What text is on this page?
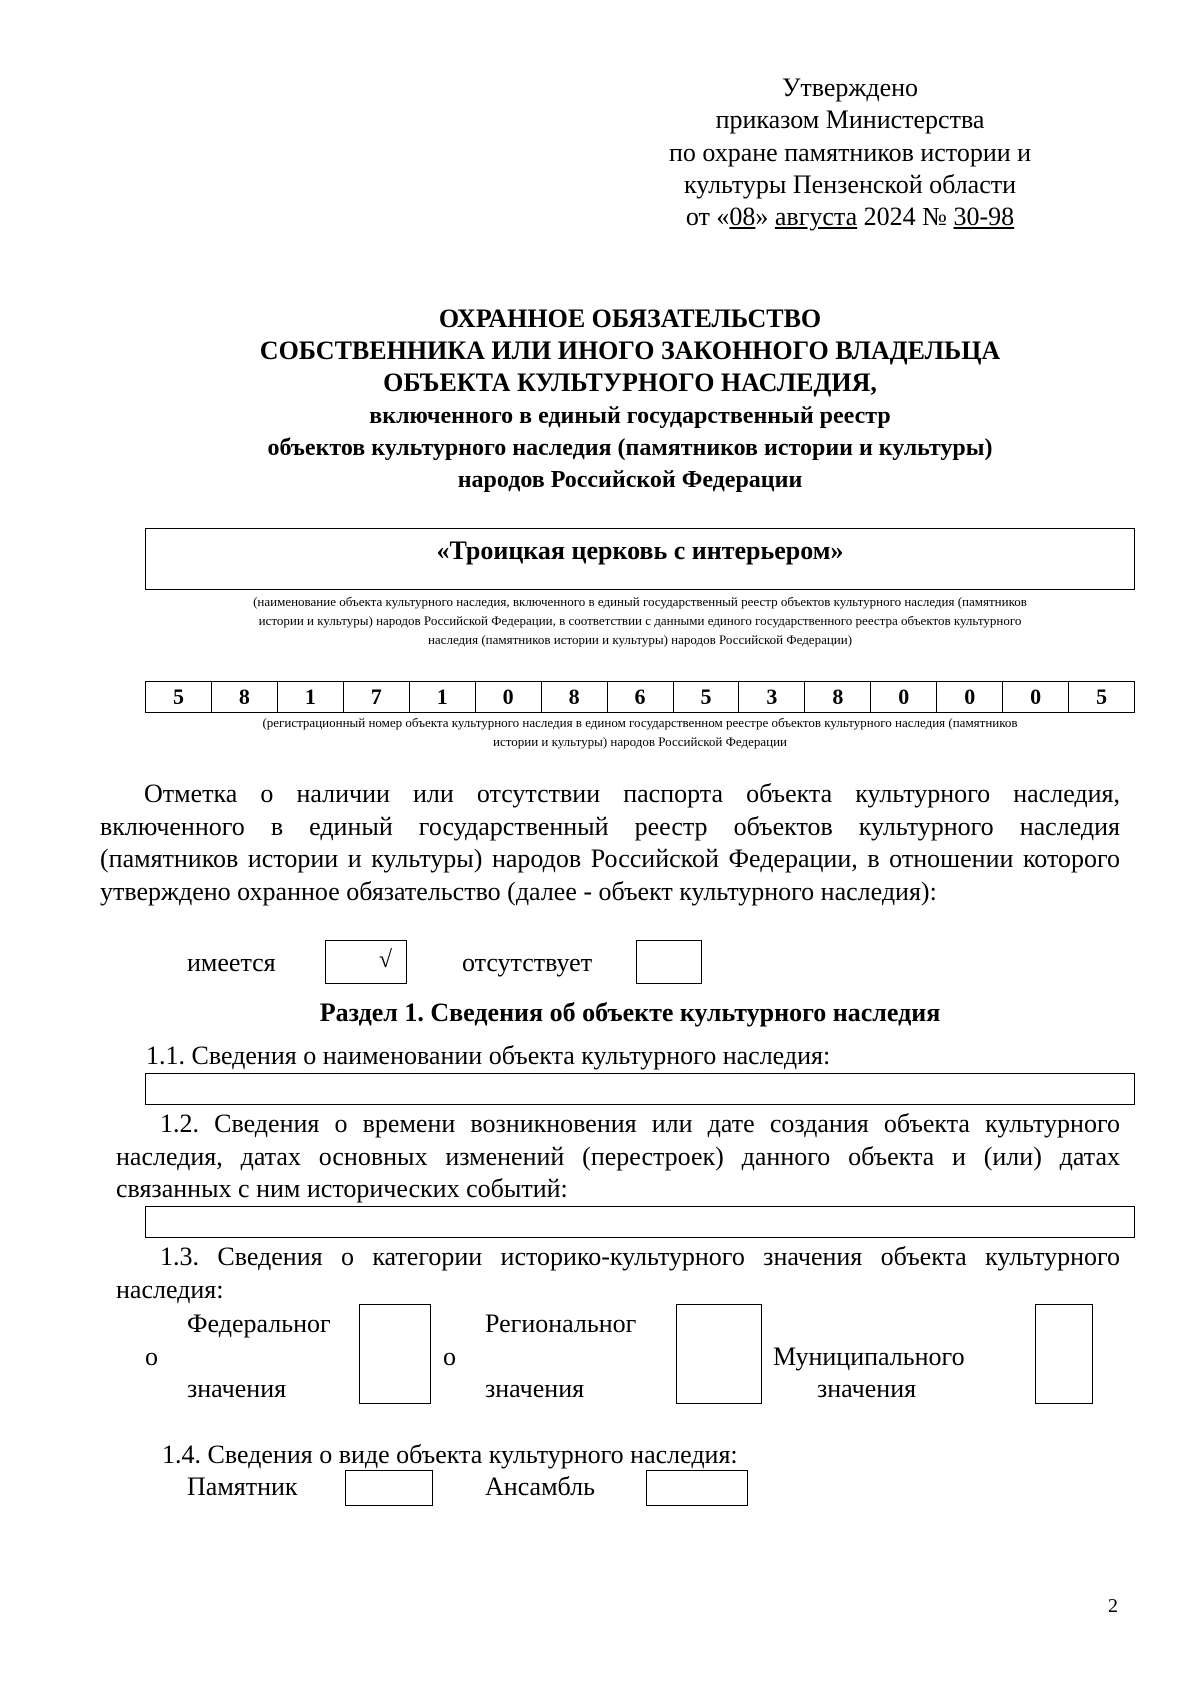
Утверждено
приказом Министерства
по охране памятников истории и
культуры Пензенской области
от «08» августа 2024 № 30-98
ОХРАННОЕ ОБЯЗАТЕЛЬСТВО
СОБСТВЕННИКА ИЛИ ИНОГО ЗАКОННОГО ВЛАДЕЛЬЦА
ОБЪЕКТА КУЛЬТУРНОГО НАСЛЕДИЯ,
включенного в единый государственный реестр
объектов культурного наследия (памятников истории и культуры)
народов Российской Федерации
«Троицкая церковь с интерьером»
(наименование объекта культурного наследия, включенного в единый государственный реестр объектов культурного наследия (памятников
истории и культуры) народов Российской Федерации, в соответствии с данными единого государственного реестра объектов культурного
наследия (памятников истории и культуры) народов Российской Федерации)
5	8	1	7	1	0	8	6	5	3	8	0	0	0	5
(регистрационный номер объекта культурного наследия в едином государственном реестре объектов культурного наследия (памятников
истории и культуры) народов Российской Федерации
Отметка о наличии или отсутствии паспорта объекта культурного наследия, включенного в единый государственный реестр объектов культурного наследия (памятников истории и культуры) народов Российской Федерации, в отношении которого утверждено охранное обязательство (далее - объект культурного наследия):
имеется	√	отсутствует
Раздел 1. Сведения об объекте культурного наследия
1.1. Сведения о наименовании объекта культурного наследия:
1.2. Сведения о времени возникновения или дате создания объекта культурного наследия, датах основных изменений (перестроек) данного объекта и (или) датах связанных с ним исторических событий:
1.3. Сведения о категории историко-культурного значения объекта культурного наследия:
Федеральног
о
значения
Региональног
о
значения
Муниципального
значения
1.4. Сведения о виде объекта культурного наследия:
Памятник	Ансамбль
2
